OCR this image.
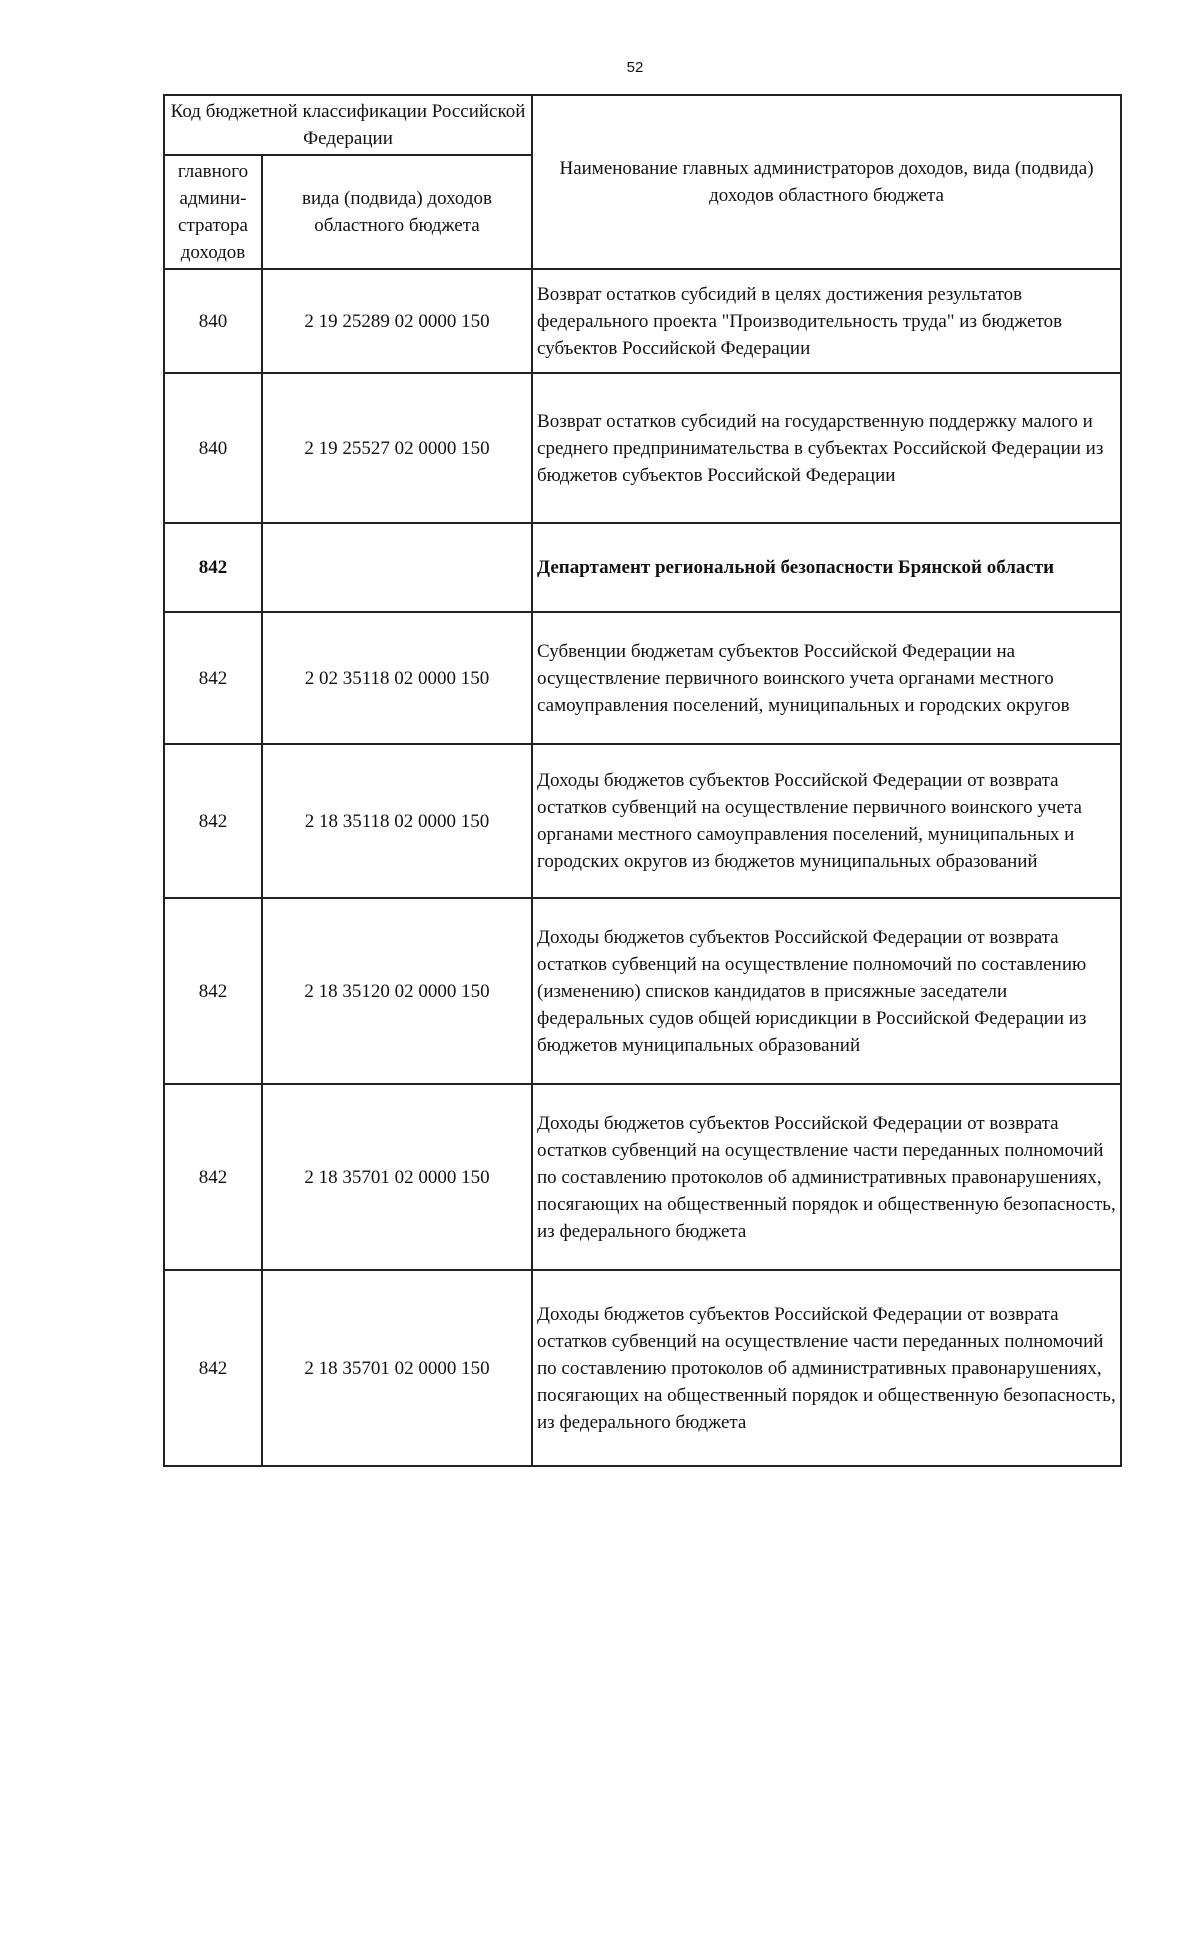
52
Код бюджетной классификации Российской Федерации		Наименование главных администраторов доходов, вида (подвида) доходов областного бюджета
главного админи-стратора доходов	вида (подвида) доходов областного бюджета	
840	2 19 25289 02 0000 150	Возврат остатков субсидий в целях достижения результатов федерального проекта "Производительность труда" из бюджетов субъектов Российской Федерации
840	2 19 25527 02 0000 150	Возврат остатков субсидий на государственную поддержку малого и среднего предпринимательства в субъектах Российской Федерации из бюджетов субъектов Российской Федерации
842		Департамент региональной безопасности Брянской области
842	2 02 35118 02 0000 150	Субвенции бюджетам субъектов Российской Федерации на осуществление первичного воинского учета органами местного самоуправления поселений, муниципальных и городских округов
842	2 18 35118 02 0000 150	Доходы бюджетов субъектов Российской Федерации от возврата остатков субвенций на осуществление первичного воинского учета органами местного самоуправления поселений, муниципальных и городских округов из бюджетов муниципальных образований
842	2 18 35120 02 0000 150	Доходы бюджетов субъектов Российской Федерации от возврата остатков субвенций на осуществление полномочий по составлению (изменению) списков кандидатов в присяжные заседатели федеральных судов общей юрисдикции в Российской Федерации из бюджетов муниципальных образований
842	2 18 35701 02 0000 150	Доходы бюджетов субъектов Российской Федерации от возврата остатков субвенций на осуществление части переданных полномочий по составлению протоколов об административных правонарушениях, посягающих на общественный порядок и общественную безопасность, из федерального бюджета
842	2 18 35701 02 0000 150	Доходы бюджетов субъектов Российской Федерации от возврата остатков субвенций на осуществление части переданных полномочий по составлению протоколов об административных правонарушениях, посягающих на общественный порядок и общественную безопасность, из федерального бюджета
